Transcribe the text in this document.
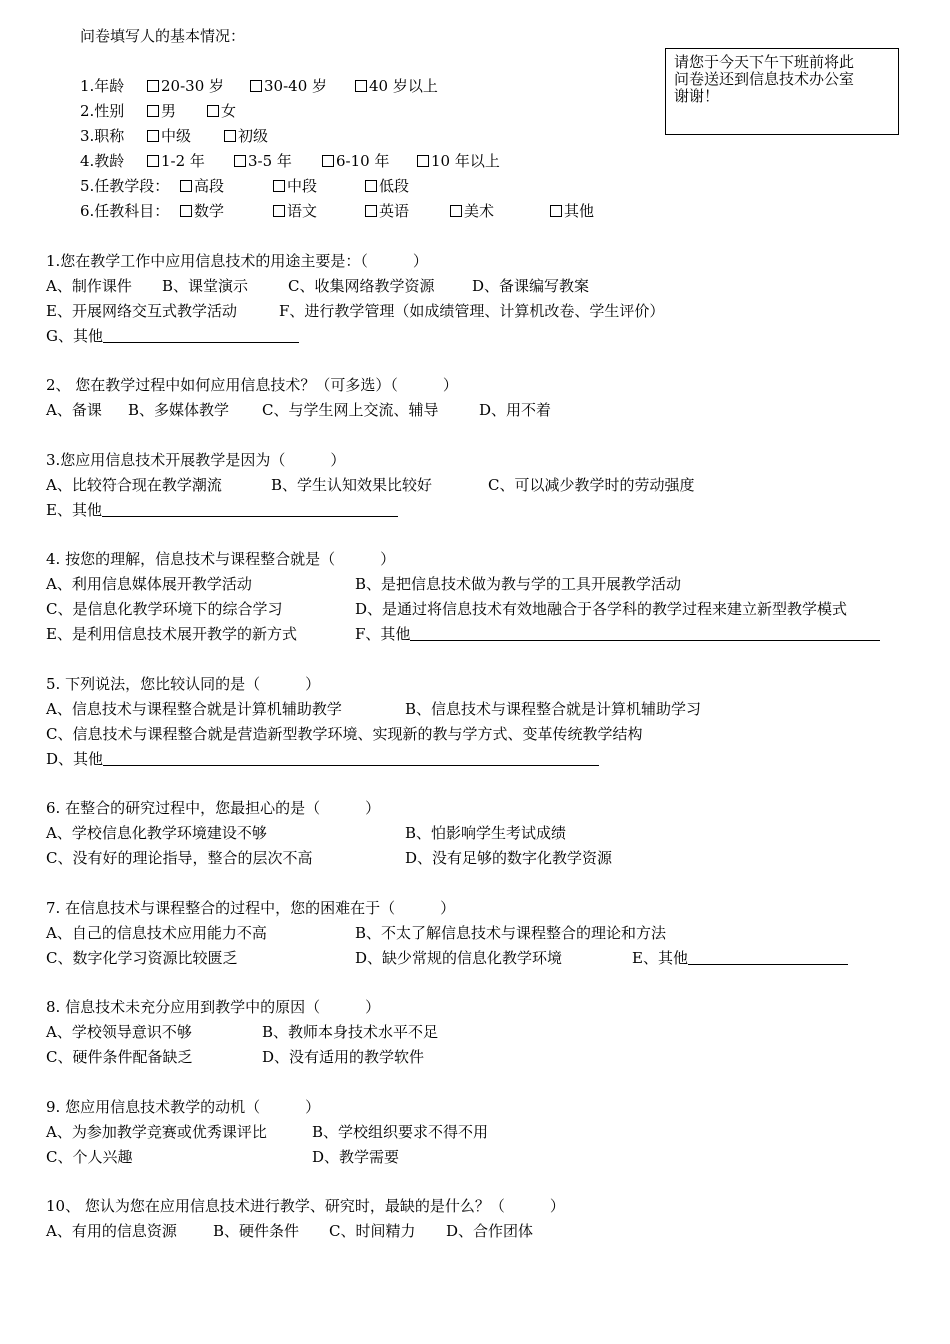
请您于今天下午下班前将此
问卷送还到信息技术办公室
谢谢！
问卷填写人的基本情况：
1.年龄	20-30 岁	30-40 岁	40 岁以上
2.性别	男	女
3.职称	中级	初级
4.教龄	1-2 年	3-5 年	6-10 年	10 年以上
5.任教学段：	高段	中段	低段
6.任教科目：	数学	语文	英语	美术	其他
1.您在教学工作中应用信息技术的用途主要是：（　　　）
A、制作课件 B、课堂演示	C、收集网络教学资源	D、备课编写教案
E、开展网络交互式教学活动	F、进行教学管理（如成绩管理、计算机改卷、学生评价）
G、其他
2、 您在教学过程中如何应用信息技术？（可多选）（　　　）
A、备课 B、多媒体教学 C、与学生网上交流、辅导	D、用不着
3.您应用信息技术开展教学是因为（　　　）
A、比较符合现在教学潮流	B、学生认知效果比较好	C、可以减少教学时的劳动强度
E、其他
4. 按您的理解，信息技术与课程整合就是（　　　）
A、利用信息媒体展开教学活动	B、是把信息技术做为教与学的工具开展教学活动
C、是信息化教学环境下的综合学习	D、是通过将信息技术有效地融合于各学科的教学过程来建立新型教学模式
E、是利用信息技术展开教学的新方式	F、其他
5. 下列说法，您比较认同的是（　　　）
A、信息技术与课程整合就是计算机辅助教学	B、信息技术与课程整合就是计算机辅助学习
C、信息技术与课程整合就是营造新型教学环境、实现新的教与学方式、变革传统教学结构
D、其他
6. 在整合的研究过程中，您最担心的是（　　　）
A、学校信息化教学环境建设不够	B、怕影响学生考试成绩
C、没有好的理论指导，整合的层次不高	D、没有足够的数字化教学资源
7. 在信息技术与课程整合的过程中，您的困难在于（　　　）
A、自己的信息技术应用能力不高	B、不太了解信息技术与课程整合的理论和方法
C、数字化学习资源比较匮乏	D、缺少常规的信息化教学环境	E、其他
8. 信息技术未充分应用到教学中的原因（　　　）
A、学校领导意识不够	B、教师本身技术水平不足
C、硬件条件配备缺乏	D、没有适用的教学软件
9. 您应用信息技术教学的动机（　　　）
A、为参加教学竞赛或优秀课评比	B、学校组织要求不得不用
C、个人兴趣	D、教学需要
10、 您认为您在应用信息技术进行教学、研究时，最缺的是什么？（　　　）
A、有用的信息资源 B、硬件条件 C、时间精力 D、合作团体
